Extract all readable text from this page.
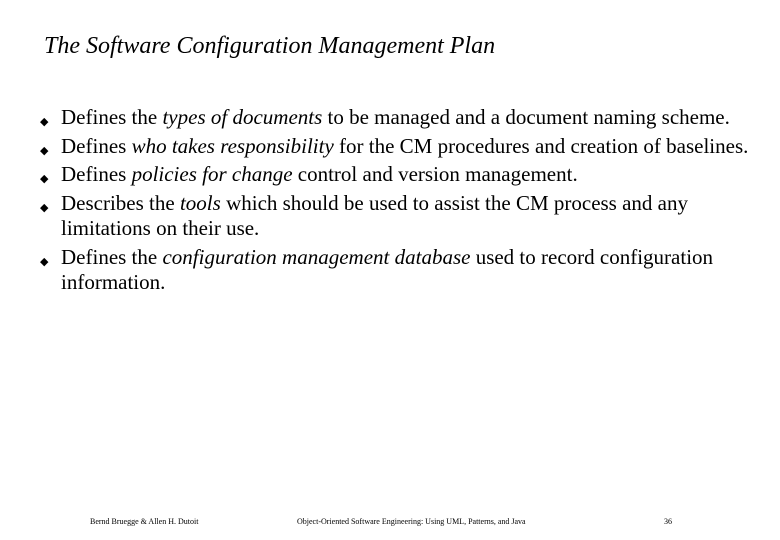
The Software Configuration Management Plan
◆ Defines the types of documents to be managed and a document naming scheme.
◆ Defines who takes responsibility for the CM procedures and creation of baselines.
◆ Defines policies for change control and version management.
◆ Describes the tools which should be used to assist the CM process and any limitations on their use.
◆ Defines the configuration management database used to record configuration information.
Bernd Bruegge & Allen H. Dutoit	Object-Oriented Software Engineering: Using UML, Patterns, and Java	36
